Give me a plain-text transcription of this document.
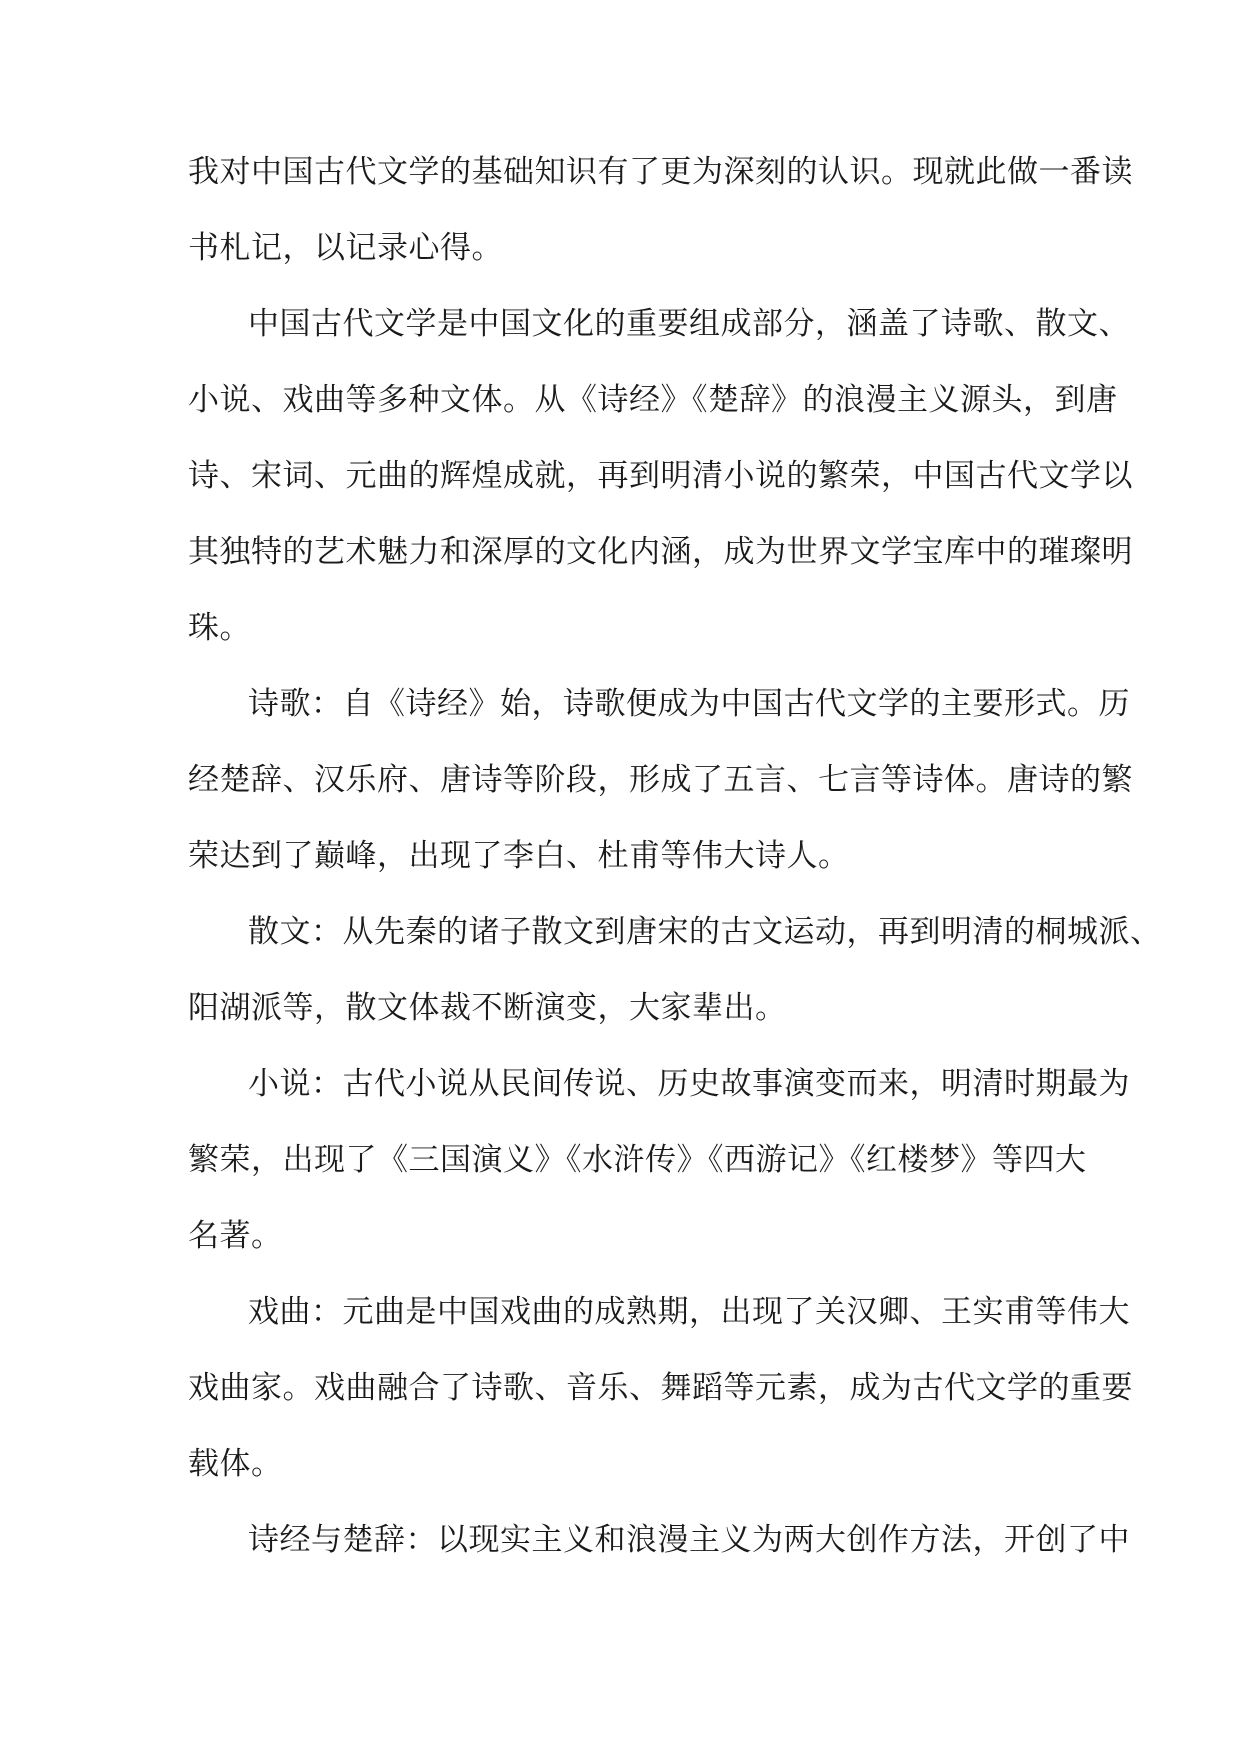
我对中国古代文学的基础知识有了更为深刻的认识。现就此做一番读
书札记，以记录心得。
中国古代文学是中国文化的重要组成部分，涵盖了诗歌、散文、
小说、戏曲等多种文体。从《诗经》《楚辞》的浪漫主义源头，到唐
诗、宋词、元曲的辉煌成就，再到明清小说的繁荣，中国古代文学以
其独特的艺术魅力和深厚的文化内涵，成为世界文学宝库中的璀璨明
珠。
诗歌：自《诗经》始，诗歌便成为中国古代文学的主要形式。历
经楚辞、汉乐府、唐诗等阶段，形成了五言、七言等诗体。唐诗的繁
荣达到了巅峰，出现了李白、杜甫等伟大诗人。
散文：从先秦的诸子散文到唐宋的古文运动，再到明清的桐城派、
阳湖派等，散文体裁不断演变，大家辈出。
小说：古代小说从民间传说、历史故事演变而来，明清时期最为
繁荣，出现了《三国演义》《水浒传》《西游记》《红楼梦》等四大
名著。
戏曲：元曲是中国戏曲的成熟期，出现了关汉卿、王实甫等伟大
戏曲家。戏曲融合了诗歌、音乐、舞蹈等元素，成为古代文学的重要
载体。
诗经与楚辞：以现实主义和浪漫主义为两大创作方法，开创了中
